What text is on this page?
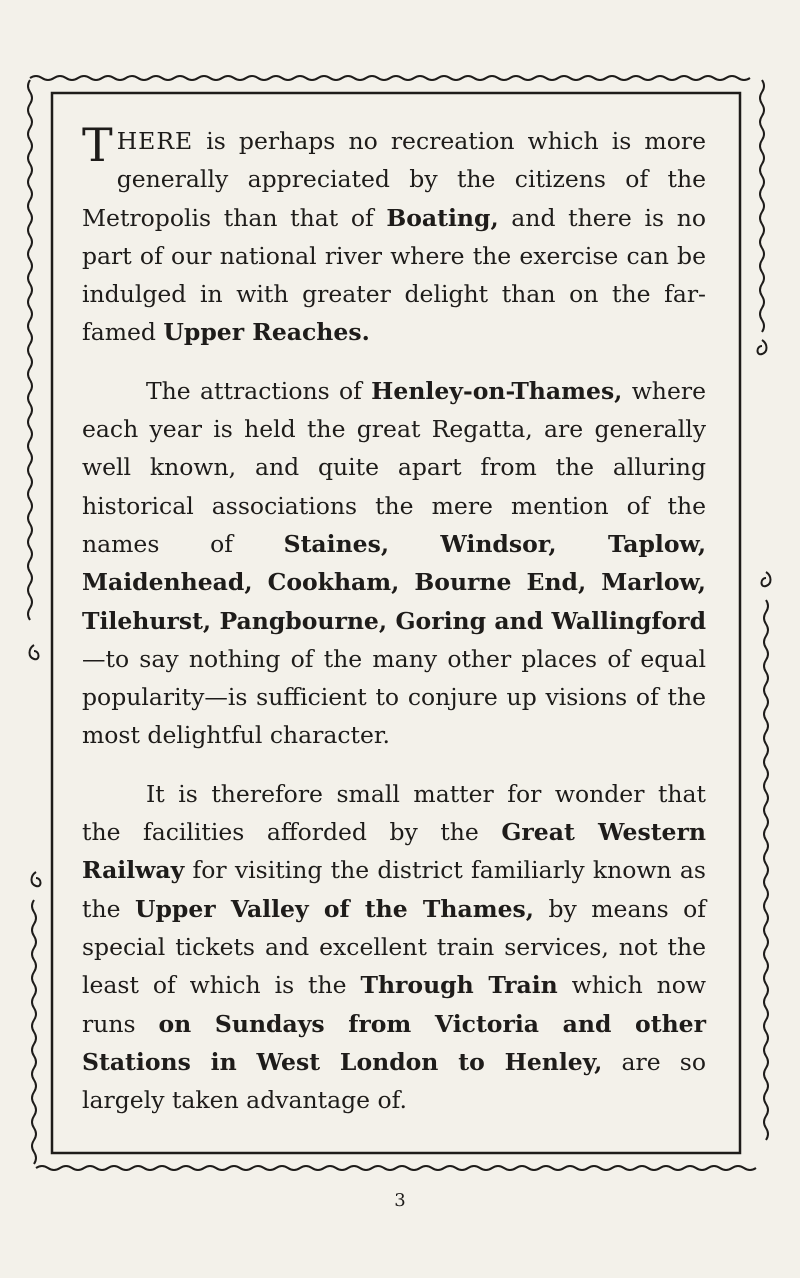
T HERE is perhaps no recreation which is more generally appreciated by the citizens of the Metropolis than that of Boating, and there is no part of our national river where the exercise can be indulged in with greater delight than on the far-famed Upper Reaches.

The attractions of Henley-on-Thames, where each year is held the great Regatta, are generally well known, and quite apart from the alluring historical associations the mere mention of the names of Staines, Windsor, Taplow, Maidenhead, Cookham, Bourne End, Marlow, Tilehurst, Pangbourne, Goring and Wallingford—to say nothing of the many other places of equal popularity—is sufficient to conjure up visions of the most delightful character.

It is therefore small matter for wonder that the facilities afforded by the Great Western Railway for visiting the district familiarly known as the Upper Valley of the Thames, by means of special tickets and excellent train services, not the least of which is the Through Train which now runs on Sundays from Victoria and other Stations in West London to Henley, are so largely taken advantage of.

3
